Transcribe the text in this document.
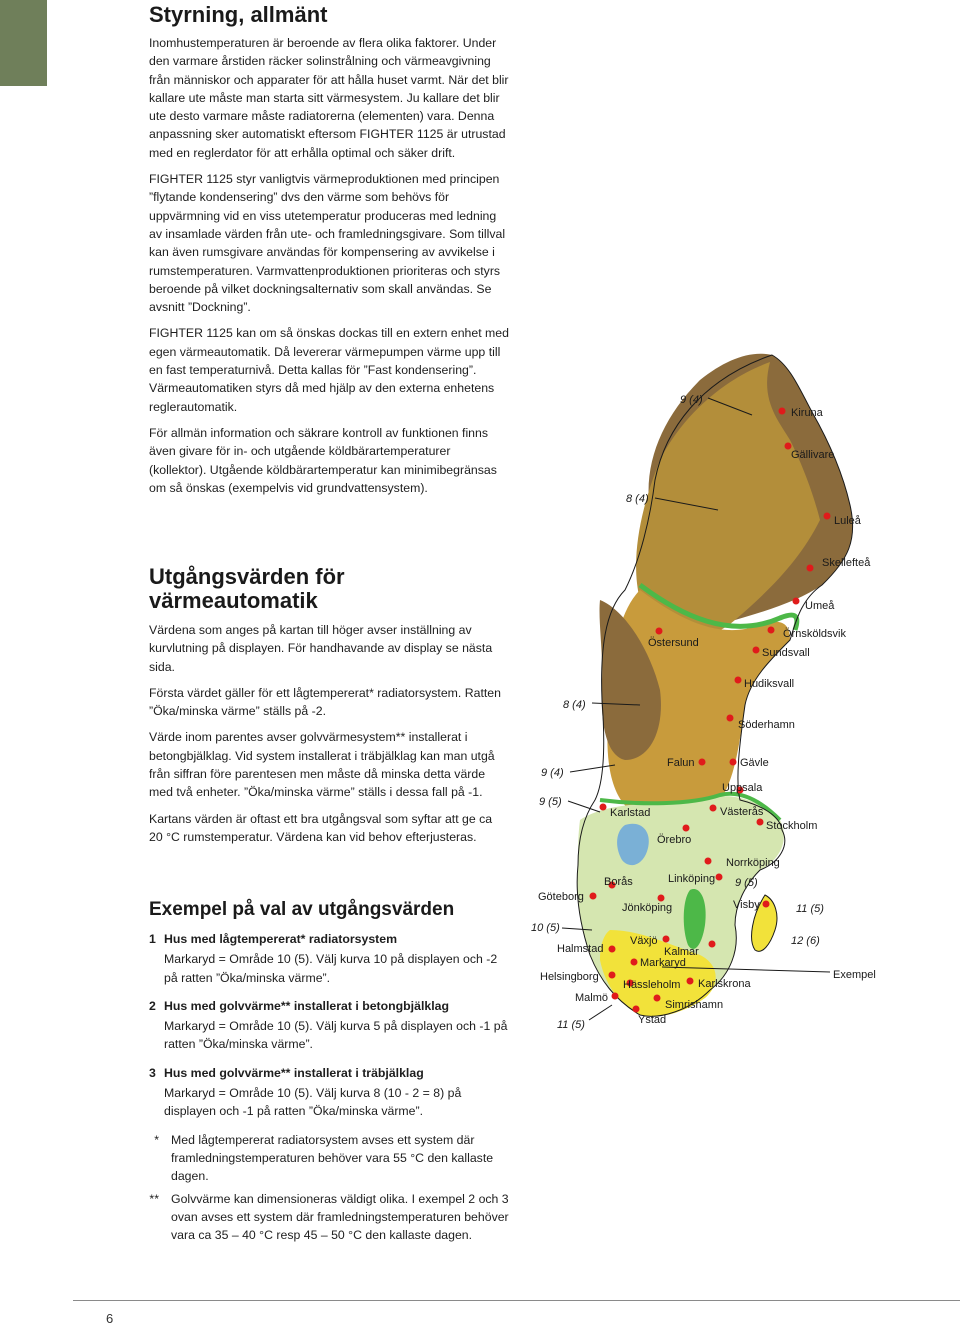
Styrning, allmänt

Inomhustemperaturen är beroende av flera olika faktorer. Under den varmare årstiden räcker solinstrålning och värmeavgivning från människor och apparater för att hålla huset varmt. När det blir kallare ute måste man starta sitt värmesystem. Ju kallare det blir ute desto varmare måste radiatorerna (elementen) vara. Denna anpassning sker automatiskt eftersom FIGHTER 1125 är utrustad med en reglerdator för att erhålla optimal och säker drift.

FIGHTER 1125 styr vanligtvis värmeproduktionen med principen ”flytande kondensering” dvs den värme som behövs för uppvärmning vid en viss utetemperatur produceras med ledning av insamlade värden från ute- och framledningsgivare. Som tillval kan även rumsgivare användas för kompensering av avvikelse i rumstemperaturen. Varmvattenproduktionen prioriteras och styrs beroende på vilket dockningsalternativ som skall användas. Se avsnitt ”Dockning”.

FIGHTER 1125 kan om så önskas dockas till en extern enhet med egen värmeautomatik. Då levererar värmepumpen värme upp till en fast temperaturnivå. Detta kallas för ”Fast kondensering”. Värmeautomatiken styrs då med hjälp av den externa enhetens reglerautomatik.

För allmän information och säkrare kontroll av funktionen finns även givare för in- och utgående köldbärartemperaturer (kollektor). Utgående köldbärartemperatur kan minimibegränsas om så önskas (exempelvis vid grundvattensystem).

Utgångsvärden för värmeautomatik

Värdena som anges på kartan till höger avser inställning av kurvlutning på displayen. För handhavande av display se nästa sida.

Första värdet gäller för ett lågtempererat* radiatorsystem. Ratten ”Öka/minska värme” ställs på -2.

Värde inom parentes avser golvvärmesystem** installerat i betongbjälklag. Vid system installerat i träbjälklag kan man utgå från siffran före parentesen men måste då minska detta värde med två enheter. ”Öka/minska värme” ställs i dessa fall på -1.

Kartans värden är oftast ett bra utgångsval som syftar att ge ca 20 °C rumstemperatur. Värdena kan vid behov efterjusteras.

Exempel på val av utgångsvärden
1 Hus med lågtempererat* radiatorsystem
Markaryd = Område 10 (5). Välj kurva 10 på displayen och -2 på ratten ”Öka/minska värme”.
2 Hus med golvvärme** installerat i betongbjälklag
Markaryd = Område 10 (5). Välj kurva 5 på displayen och -1 på ratten ”Öka/minska värme”.
3 Hus med golvvärme** installerat i träbjälklag
Markaryd = Område 10 (5). Välj kurva 8 (10 - 2 = 8) på displayen och -1 på ratten ”Öka/minska värme”.
* Med lågtempererat radiatorsystem avses ett system där framledningstemperaturen behöver vara 55 °C den kallaste dagen.
** Golvvärme kan dimensioneras väldigt olika. I exempel 2 och 3 ovan avses ett system där framledningstemperaturen behöver vara ca 35 – 40 °C resp 45 – 50 °C den kallaste dagen.
9 (4)
8 (4)
8 (4)
9 (4)
9 (5)
10 (5)
9 (5)
11 (5)
12 (6)
11 (5)
Exempel
Kiruna
Gällivare
Luleå
Skellefteå
Umeå
Örnsköldsvik
Östersund
Sundsvall
Hudiksvall
Söderhamn
Falun	Gävle
Uppsala
Karlstad	Västerås
Stockholm
Örebro
Norrköping
Linköping
Borås
Göteborg
Jönköping	Visby
Halmstad
Växjö
Kalmar
Markaryd
Helsingborg
Hässleholm Karlskrona
Malmö
Simrishamn
Ystad
6
